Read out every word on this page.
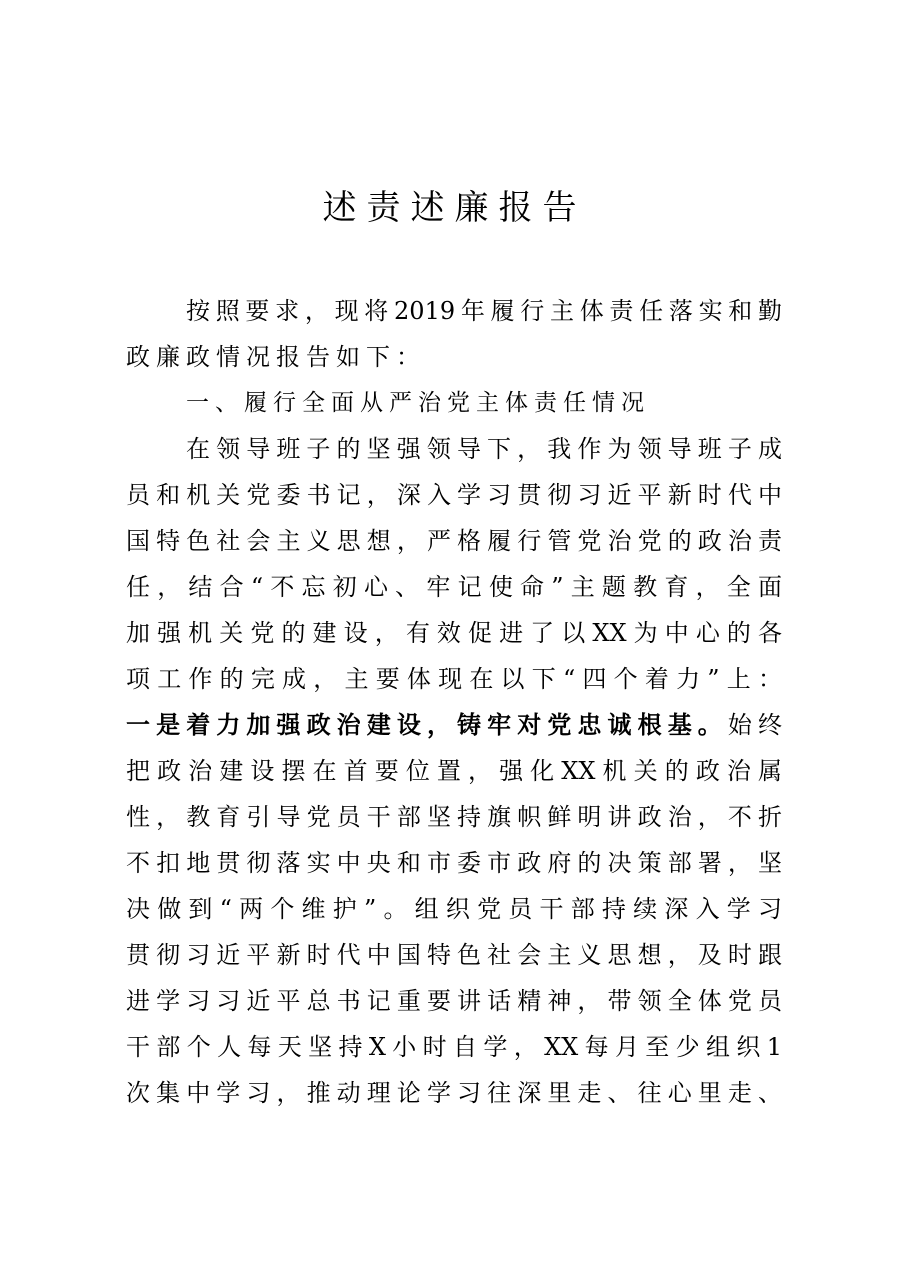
述责述廉报告
按照要求，现将2019年履行主体责任落实和勤
政廉政情况报告如下：
一、履行全面从严治党主体责任情况
在领导班子的坚强领导下，我作为领导班子成
员和机关党委书记，深入学习贯彻习近平新时代中
国特色社会主义思想，严格履行管党治党的政治责
任，结合“不忘初心、牢记使命”主题教育，全面
加强机关党的建设，有效促进了以XX为中心的各
项工作的完成，主要体现在以下“四个着力”上：
一是着力加强政治建设，铸牢对党忠诚根基。始终
把政治建设摆在首要位置，强化XX机关的政治属
性，教育引导党员干部坚持旗帜鲜明讲政治，不折
不扣地贯彻落实中央和市委市政府的决策部署，坚
决做到“两个维护”。组织党员干部持续深入学习
贯彻习近平新时代中国特色社会主义思想，及时跟
进学习习近平总书记重要讲话精神，带领全体党员
干部个人每天坚持X小时自学，XX每月至少组织1
次集中学习，推动理论学习往深里走、往心里走、
